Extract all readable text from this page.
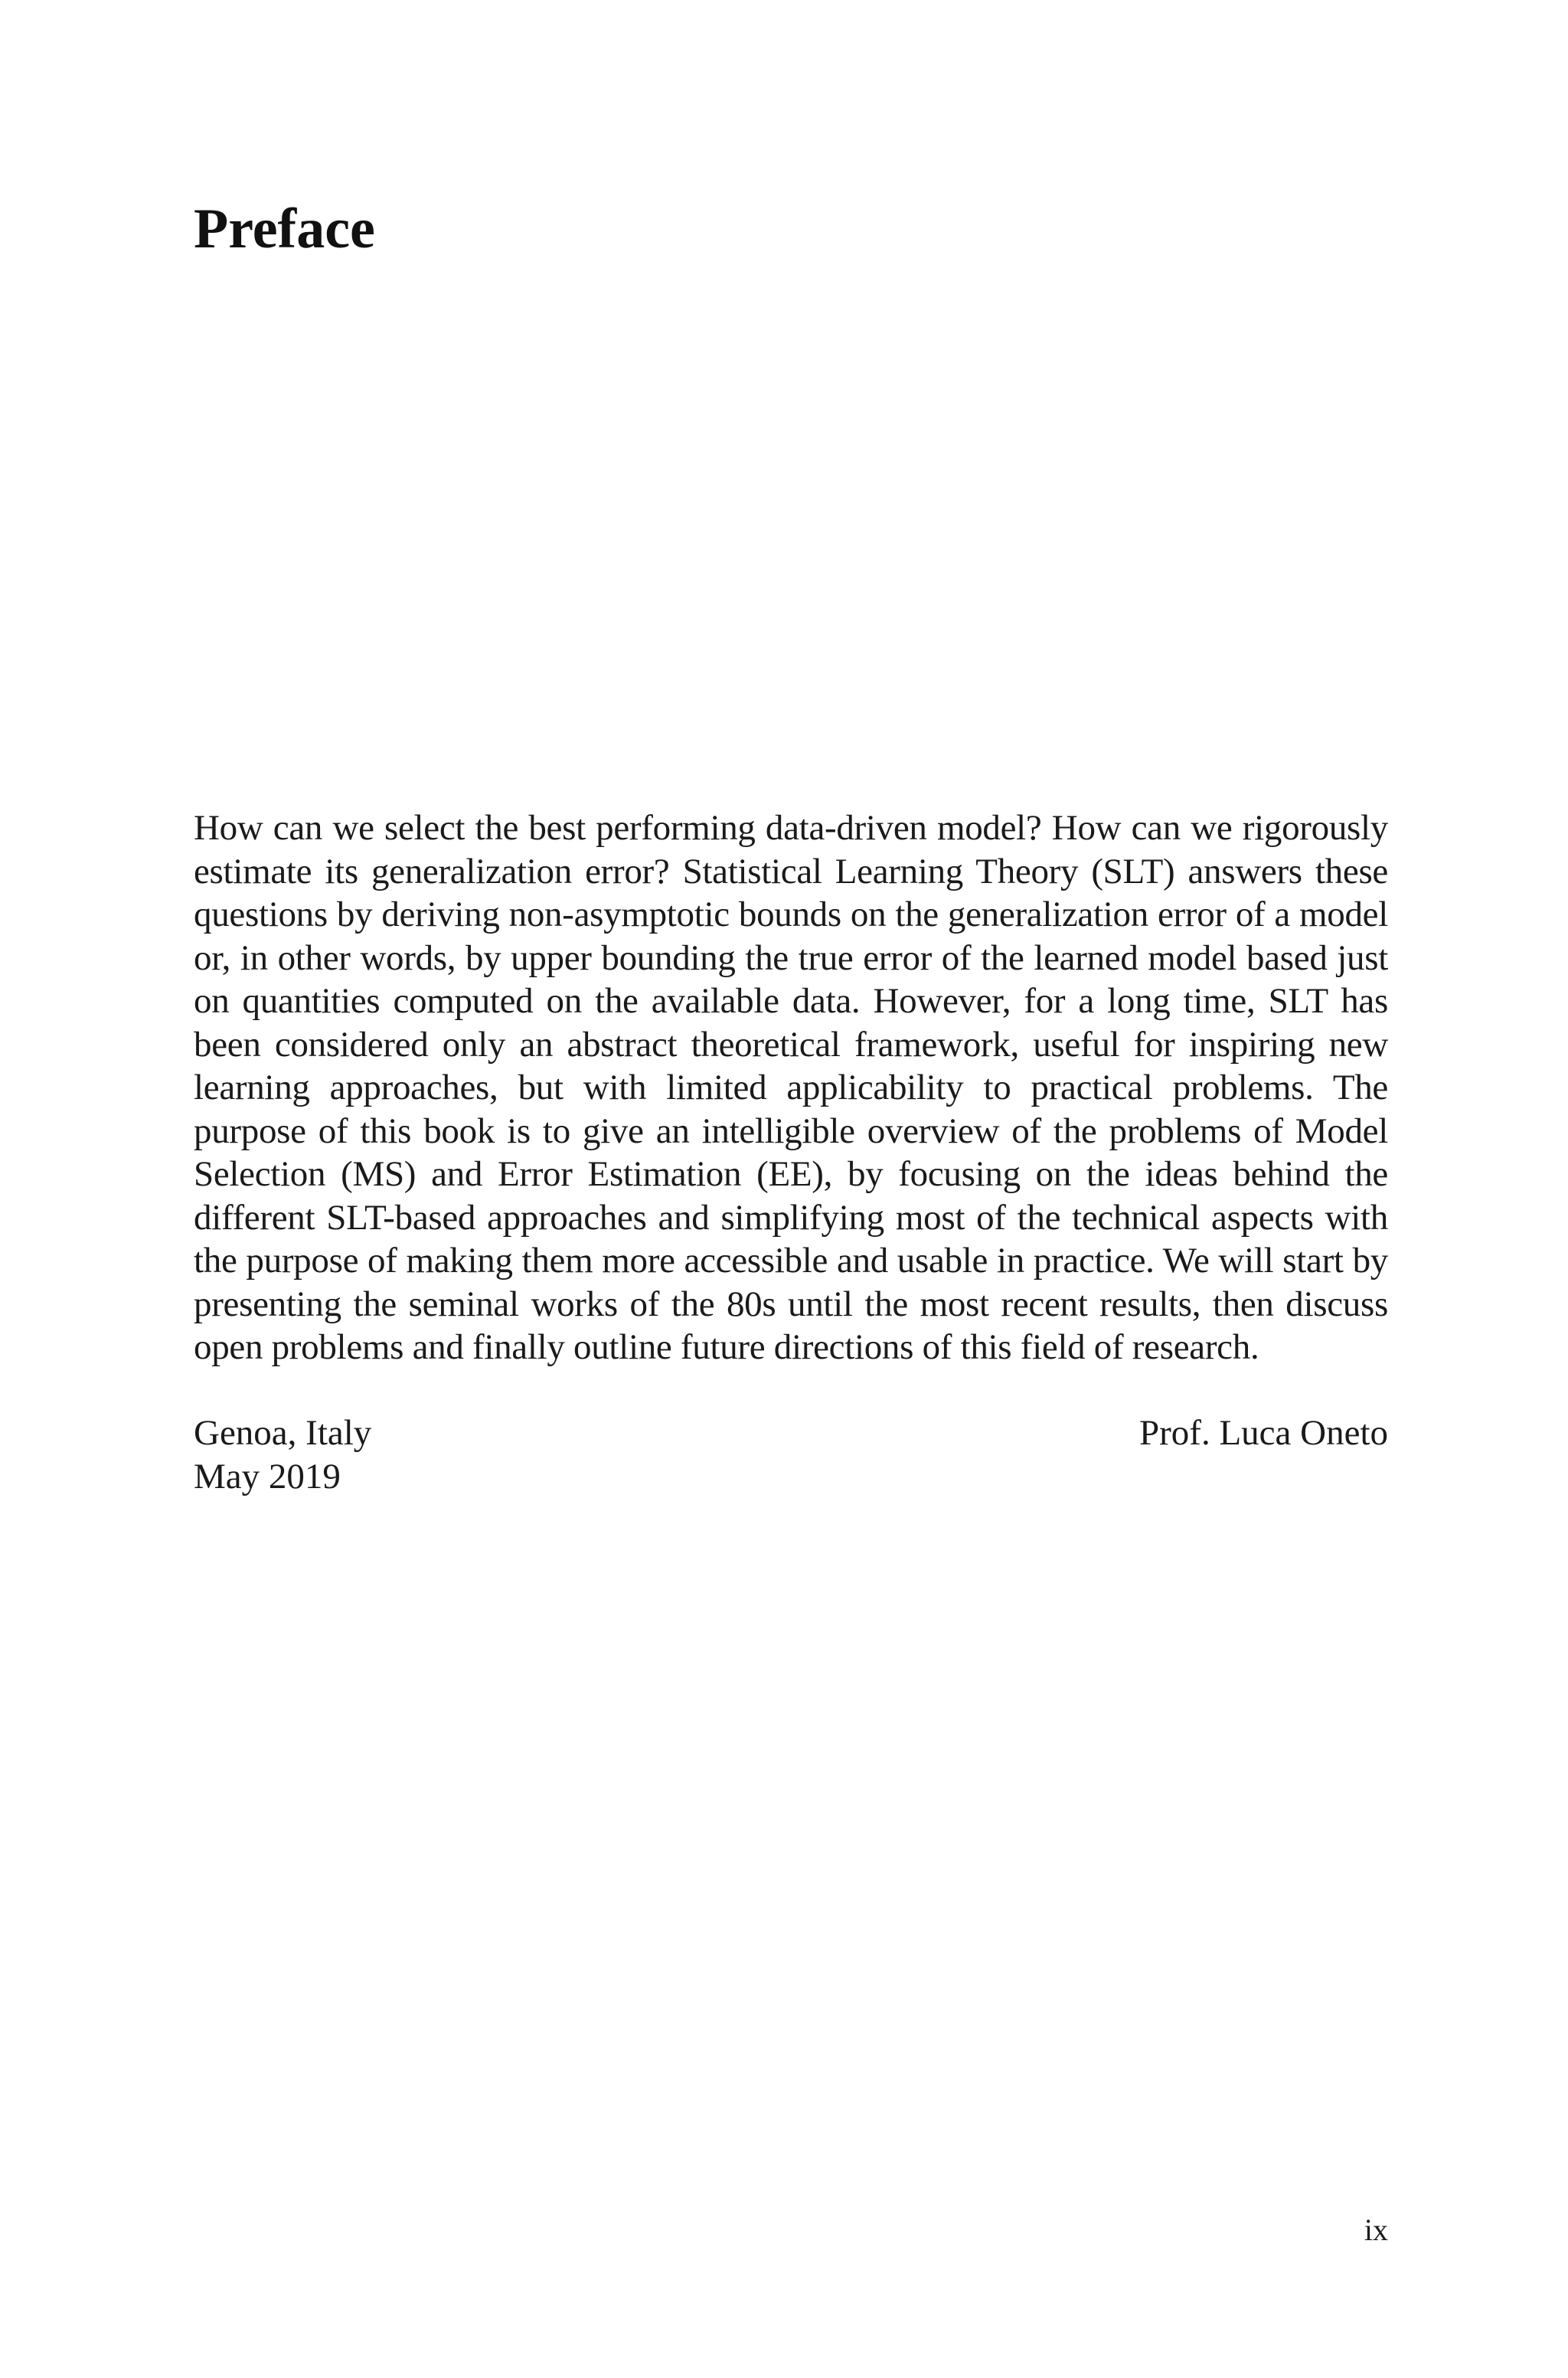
Preface

How can we select the best performing data-driven model? How can we rigorously estimate its generalization error? Statistical Learning Theory (SLT) answers these questions by deriving non-asymptotic bounds on the generalization error of a model or, in other words, by upper bounding the true error of the learned model based just on quantities computed on the available data. However, for a long time, SLT has been considered only an abstract theoretical framework, useful for inspiring new learning approaches, but with limited applicability to practical problems. The purpose of this book is to give an intelligible overview of the problems of Model Selection (MS) and Error Estimation (EE), by focusing on the ideas behind the different SLT-based approaches and simplifying most of the technical aspects with the purpose of making them more accessible and usable in practice. We will start by presenting the seminal works of the 80s until the most recent results, then discuss open problems and finally outline future directions of this field of research.

Genoa, Italy	Prof. Luca Oneto
May 2019
ix
